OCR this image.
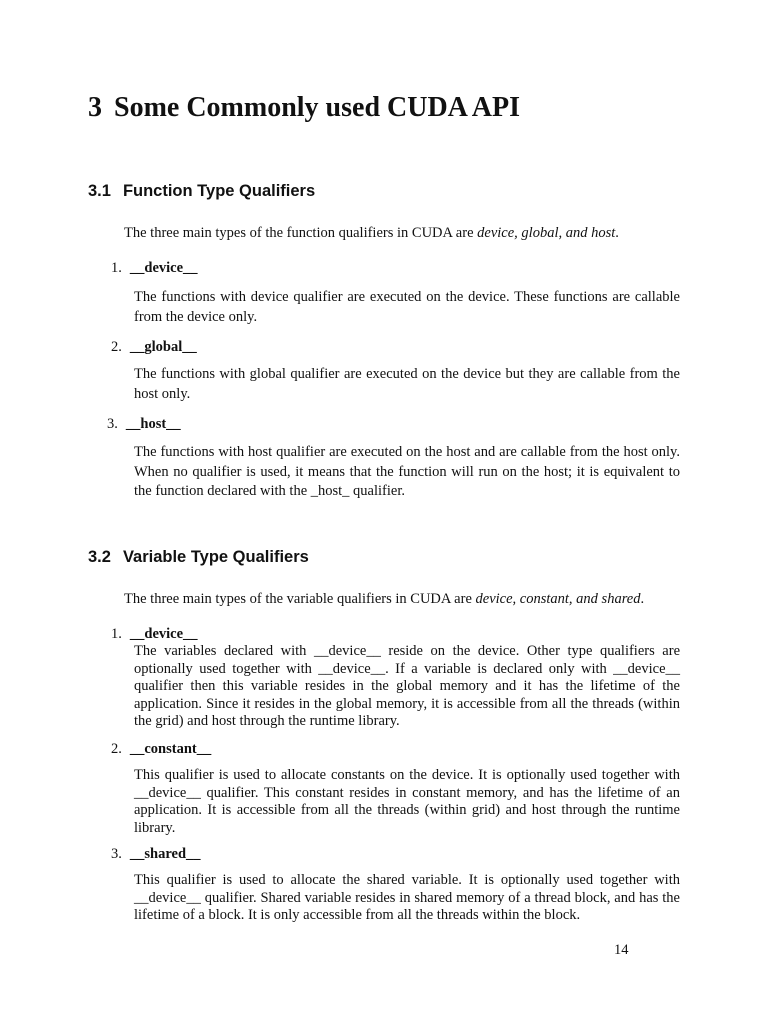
3 Some Commonly used CUDA API
3.1 Function Type Qualifiers

The three main types of the function qualifiers in CUDA are device, global, and host.

1. __device__

The functions with device qualifier are executed on the device. These functions are callable from the device only.

2. __global__

The functions with global qualifier are executed on the device but they are callable from the host only.

3. __host__

The functions with host qualifier are executed on the host and are callable from the host only. When no qualifier is used, it means that the function will run on the host; it is equivalent to the function declared with the _host_ qualifier.

3.2 Variable Type Qualifiers

The three main types of the variable qualifiers in CUDA are device, constant, and shared.

1. __device__

The variables declared with __device__ reside on the device. Other type qualifiers are optionally used together with __device__. If a variable is declared only with __device__ qualifier then this variable resides in the global memory and it has the lifetime of the application. Since it resides in the global memory, it is accessible from all the threads (within the grid) and host through the runtime library.

2. __constant__

This qualifier is used to allocate constants on the device. It is optionally used together with __device__ qualifier. This constant resides in constant memory, and has the lifetime of an application. It is accessible from all the threads (within grid) and host through the runtime library.

3. __shared__

This qualifier is used to allocate the shared variable. It is optionally used together with __device__ qualifier. Shared variable resides in shared memory of a thread block, and has the lifetime of a block. It is only accessible from all the threads within the block.

14
